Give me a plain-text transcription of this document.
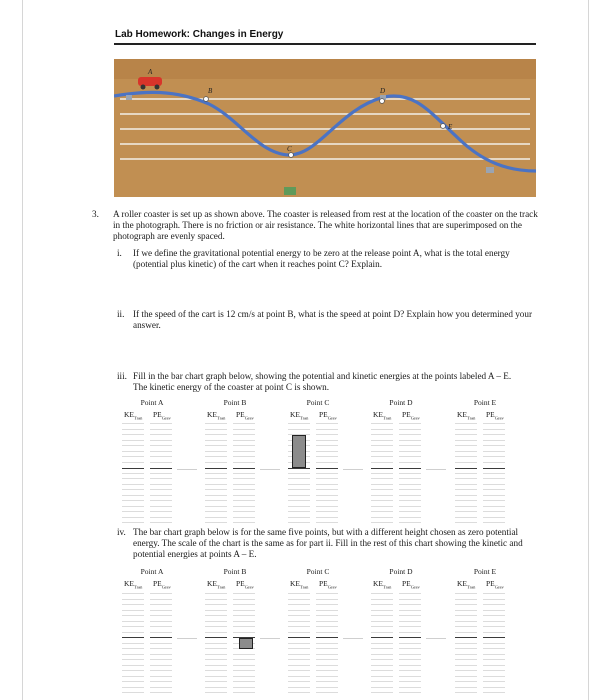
Lab Homework: Changes in Energy
A
B
C
D
E
3. A roller coaster is set up as shown above. The coaster is released from rest at the location of the coaster on the track in the photograph. There is no friction or air resistance. The white horizontal lines that are superimposed on the photograph are evenly spaced.
i. If we define the gravitational potential energy to be zero at the release point A, what is the total energy (potential plus kinetic) of the cart when it reaches point C? Explain.
ii. If the speed of the cart is 12 cm/s at point B, what is the speed at point D? Explain how you determined your answer.
iii. Fill in the bar chart graph below, showing the potential and kinetic energies at the points labeled A – E. The kinetic energy of the coaster at point C is shown.
Point A
$KE_{Tran}$ $PE_{Grav}$
Point B
$KE_{Tran}$ $PE_{Grav}$
Point C
$KE_{Tran}$ $PE_{Grav}$
Point D
$KE_{Tran}$ $PE_{Grav}$
Point E
$KE_{Tran}$ $PE_{Grav}$
iv. The bar chart graph below is for the same five points, but with a different height chosen as zero potential energy. The scale of the chart is the same as for part ii. Fill in the rest of this chart showing the kinetic and potential energies at points A – E.
Point A
$KE_{Tran}$ $PE_{Grav}$
Point B
$KE_{Tran}$ $PE_{Grav}$
Point C
$KE_{Tran}$ $PE_{Grav}$
Point D
$KE_{Tran}$ $PE_{Grav}$
Point E
$KE_{Tran}$ $PE_{Grav}$
